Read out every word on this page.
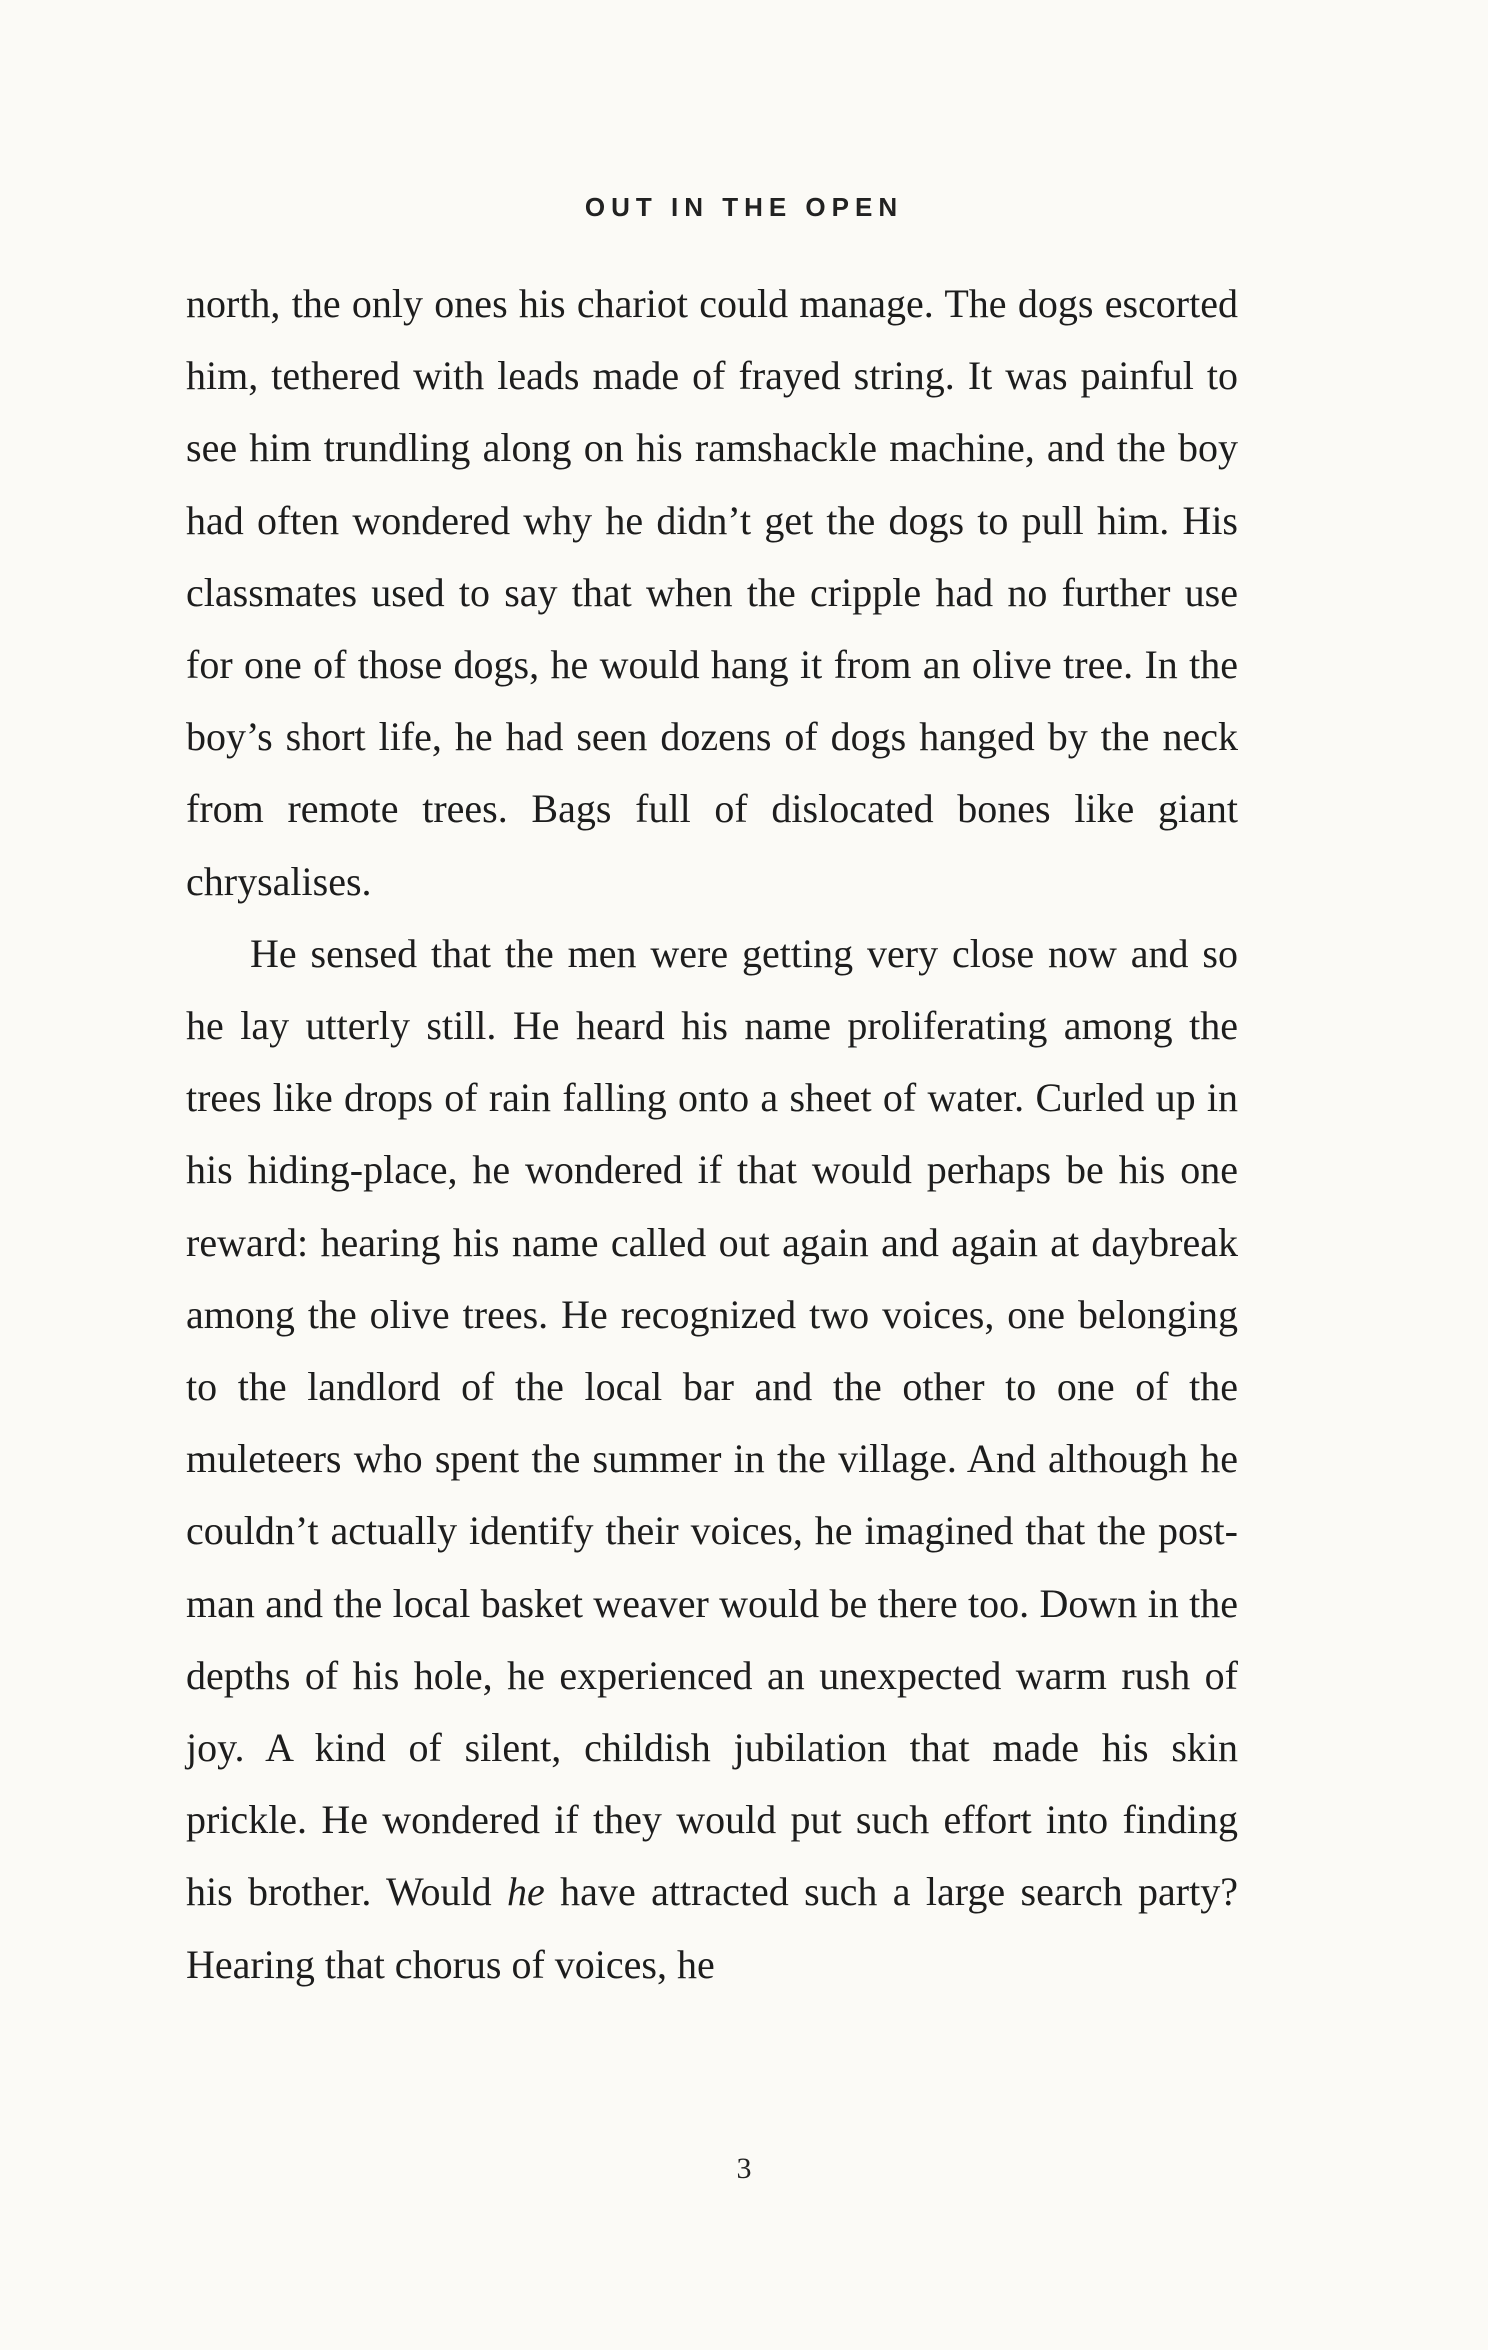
OUT IN THE OPEN

north, the only ones his chariot could manage. The dogs escorted him, tethered with leads made of frayed string. It was painful to see him trundling along on his ramshackle machine, and the boy had often wondered why he didn’t get the dogs to pull him. His classmates used to say that when the cripple had no further use for one of those dogs, he would hang it from an olive tree. In the boy’s short life, he had seen dozens of dogs hanged by the neck from remote trees. Bags full of dislocated bones like giant chrysalises.

He sensed that the men were getting very close now and so he lay utterly still. He heard his name proliferating among the trees like drops of rain falling onto a sheet of water. Curled up in his hiding-place, he wondered if that would perhaps be his one reward: hearing his name called out again and again at daybreak among the olive trees. He recognized two voices, one belonging to the landlord of the local bar and the other to one of the muleteers who spent the summer in the village. And although he couldn’t actually identify their voices, he imagined that the postman and the local basket weaver would be there too. Down in the depths of his hole, he experienced an unexpected warm rush of joy. A kind of silent, childish jubilation that made his skin prickle. He wondered if they would put such effort into finding his brother. Would he have attracted such a large search party? Hearing that chorus of voices, he

3
